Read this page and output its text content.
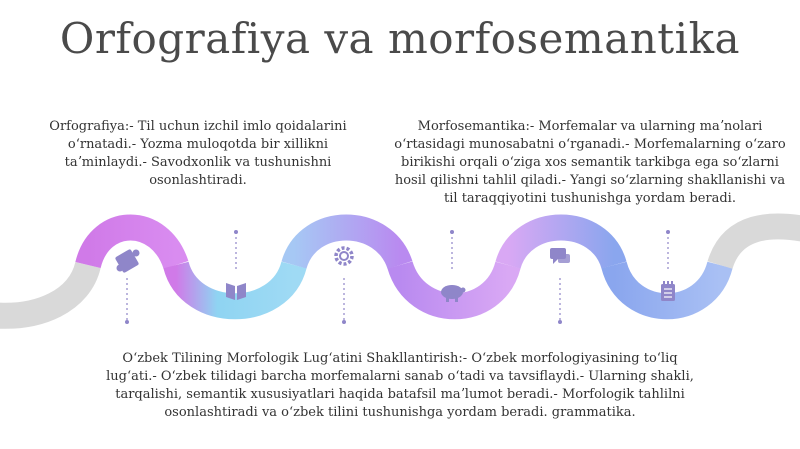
Orfografiya va morfosemantika
Orfografiya:- Til uchun izchil imlo qoidalarini oʻrnatadi.- Yozma muloqotda bir xillikni taʼminlaydi.- Savodxonlik va tushunishni osonlashtiradi.
Morfosemantika:- Morfemalar va ularning maʼnolari oʻrtasidagi munosabatni oʻrganadi.- Morfemalarning oʻzaro birikishi orqali oʻziga xos semantik tarkibga ega soʻzlarni hosil qilishni tahlil qiladi.- Yangi soʻzlarning shakllanishi va til taraqqiyotini tushunishga yordam beradi.
Oʻzbek Tilining Morfologik Lugʻatini Shakllantirish:- Oʻzbek morfologiyasining toʻliq lugʻati.- Oʻzbek tilidagi barcha morfemalarni sanab oʻtadi va tavsiflaydi.- Ularning shakli, tarqalishi, semantik xususiyatlari haqida batafsil maʼlumot beradi.- Morfologik tahlilni osonlashtiradi va oʻzbek tilini tushunishga yordam beradi. grammatika.
